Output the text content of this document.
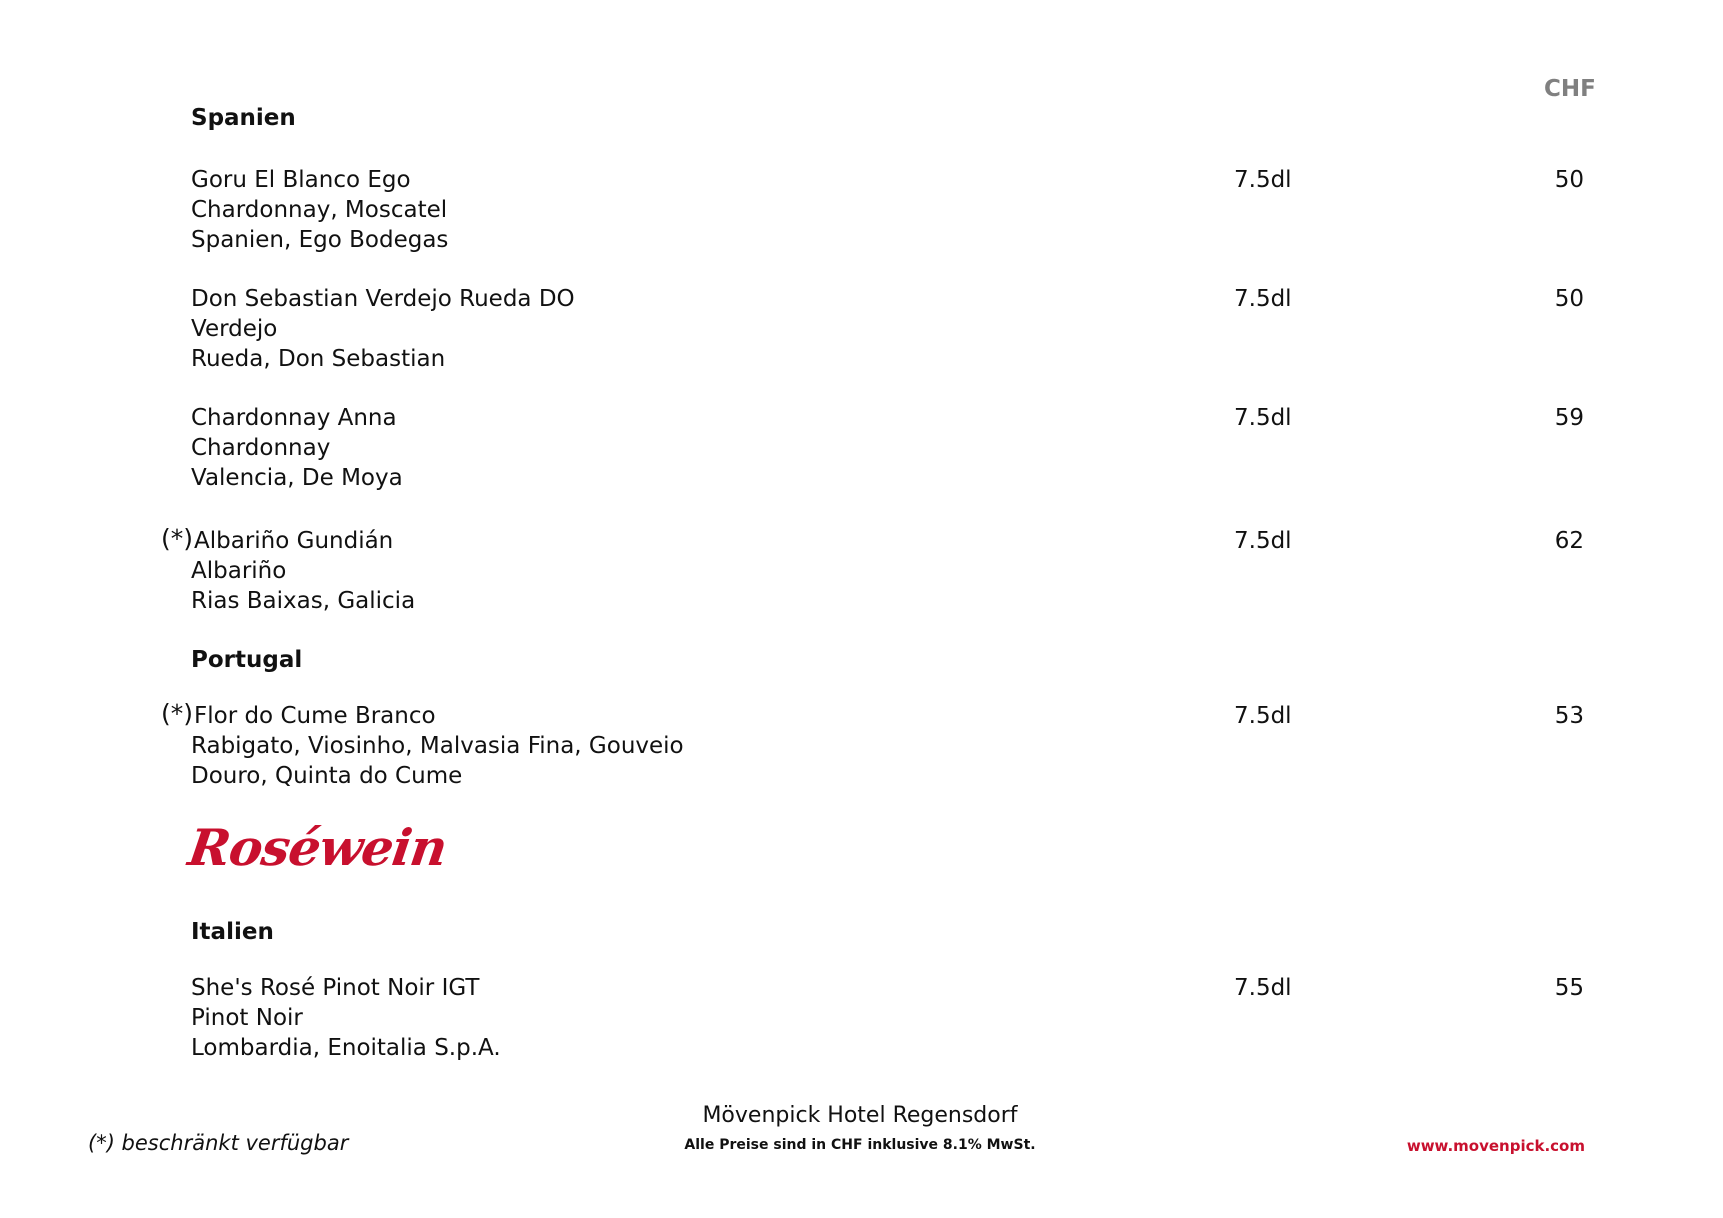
CHF
Spanien
Goru El Blanco Ego
Chardonnay, Moscatel
Spanien, Ego Bodegas
7.5dl	50
Don Sebastian Verdejo Rueda DO
Verdejo
Rueda, Don Sebastian
7.5dl	50
Chardonnay Anna
Chardonnay
Valencia, De Moya
7.5dl	59
(*) Albariño Gundián
Albariño
Rias Baixas, Galicia
7.5dl	62
Portugal
(*) Flor do Cume Branco
Rabigato, Viosinho, Malvasia Fina, Gouveio
Douro, Quinta do Cume
7.5dl	53
Roséwein
Italien
She's Rosé Pinot Noir IGT
Pinot Noir
Lombardia, Enoitalia S.p.A.
7.5dl	55
(*) beschränkt verfügbar
Mövenpick Hotel Regensdorf
Alle Preise sind in CHF inklusive 8.1% MwSt.	www.movenpick.com
